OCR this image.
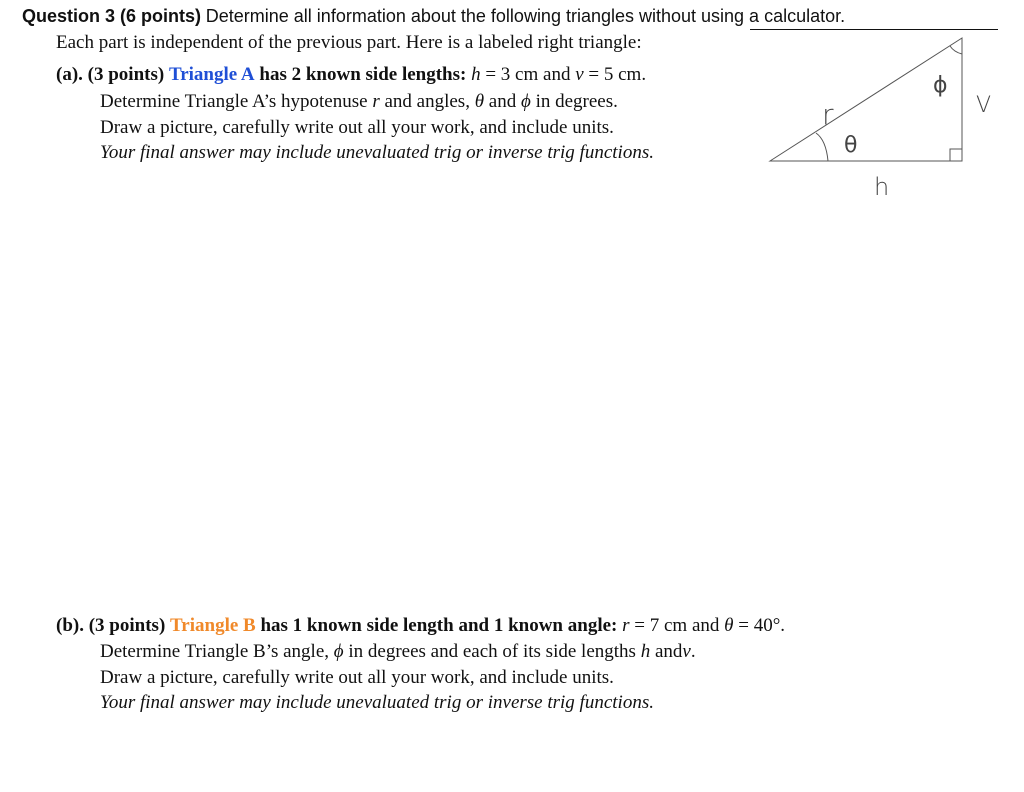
Question 3 (6 points) Determine all information about the following triangles without using a calculator.
Each part is independent of the previous part. Here is a labeled right triangle:
(a). (3 points) Triangle A has 2 known side lengths: h = 3 cm and v = 5 cm.
Determine Triangle A’s hypotenuse r and angles, θ and ϕ in degrees.
Draw a picture, carefully write out all your work, and include units.
Your final answer may include unevaluated trig or inverse trig functions.
(b). (3 points) Triangle B has 1 known side length and 1 known angle: r = 7 cm and θ = 40°.
Determine Triangle B’s angle, ϕ in degrees and each of its side lengths h andv.
Draw a picture, carefully write out all your work, and include units.
Your final answer may include unevaluated trig or inverse trig functions.
r
θ
ϕ
V
h
